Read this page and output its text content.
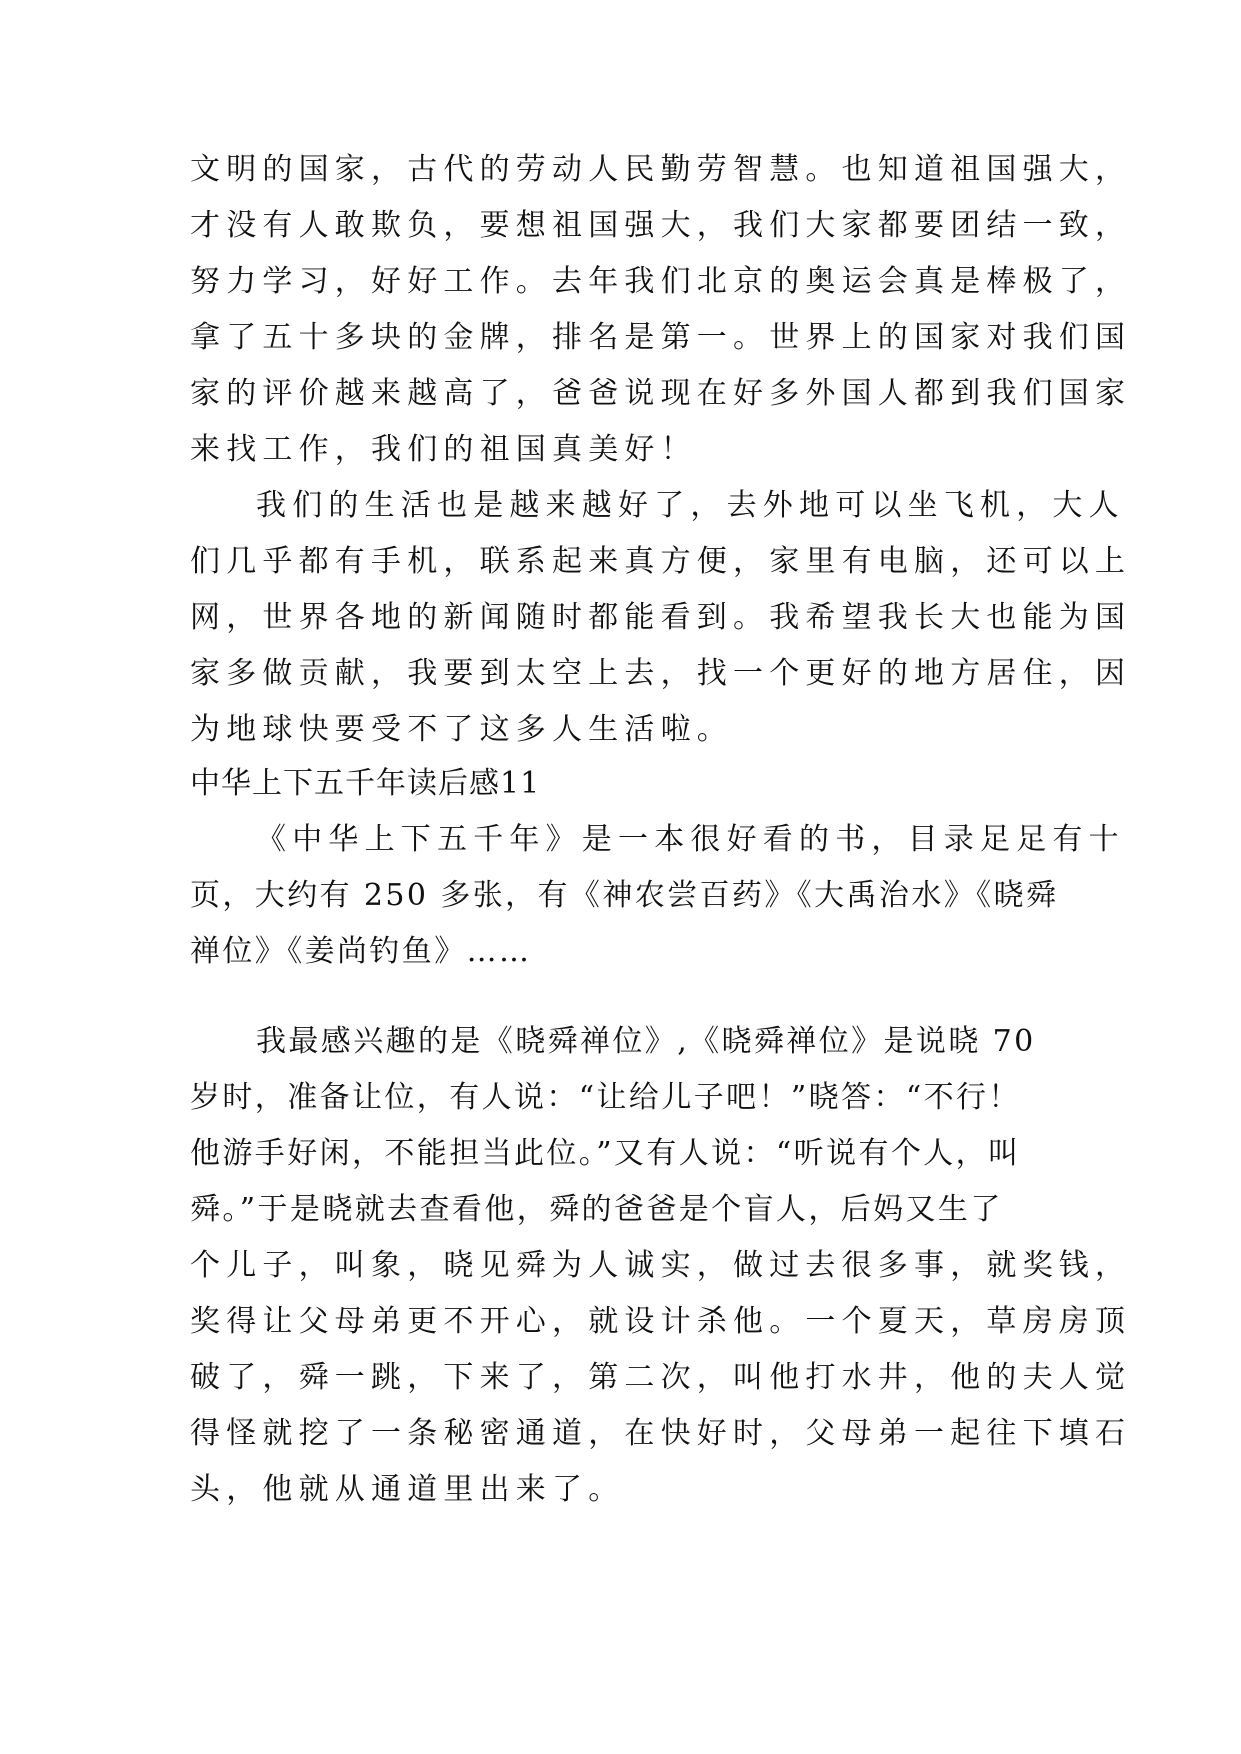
文明的国家，古代的劳动人民勤劳智慧。也知道祖国强大，
才没有人敢欺负，要想祖国强大，我们大家都要团结一致，
努力学习，好好工作。去年我们北京的奥运会真是棒极了，
拿了五十多块的金牌，排名是第一。世界上的国家对我们国
家的评价越来越高了，爸爸说现在好多外国人都到我们国家
来找工作，我们的祖国真美好！
我们的生活也是越来越好了，去外地可以坐飞机，大人
们几乎都有手机，联系起来真方便，家里有电脑，还可以上
网，世界各地的新闻随时都能看到。我希望我长大也能为国
家多做贡献，我要到太空上去，找一个更好的地方居住，因
为地球快要受不了这多人生活啦。
中华上下五千年读后感11
《中华上下五千年》是一本很好看的书，目录足足有十
页，大约有 250 多张，有《神农尝百药》《大禹治水》《晓舜
禅位》《姜尚钓鱼》……
我最感兴趣的是《晓舜禅位》,《晓舜禅位》是说晓 70
岁时，准备让位，有人说：“让给儿子吧！”晓答：“不行！
他游手好闲，不能担当此位。”又有人说：“听说有个人，叫
舜。”于是晓就去查看他，舜的爸爸是个盲人，后妈又生了
个儿子，叫象，晓见舜为人诚实，做过去很多事，就奖钱，
奖得让父母弟更不开心，就设计杀他。一个夏天，草房房顶
破了，舜一跳，下来了，第二次，叫他打水井，他的夫人觉
得怪就挖了一条秘密通道，在快好时，父母弟一起往下填石
头，他就从通道里出来了。
